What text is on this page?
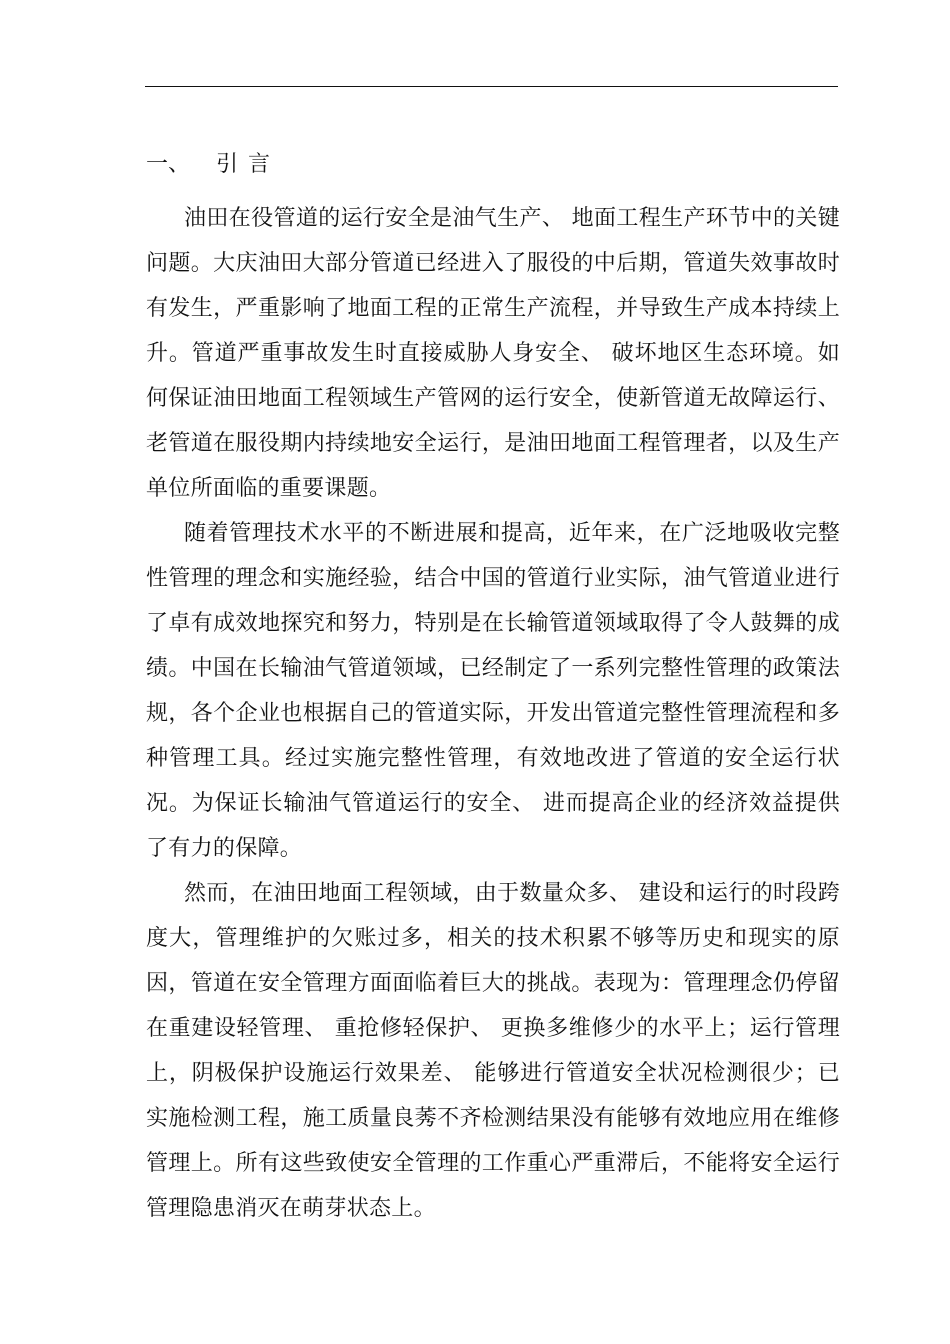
一、 引言

油田在役管道的运行安全是油气生产、 地面工程生产环节中的关键问题。大庆油田大部分管道已经进入了服役的中后期，管道失效事故时有发生，严重影响了地面工程的正常生产流程，并导致生产成本持续上升。管道严重事故发生时直接威胁人身安全、 破坏地区生态环境。如何保证油田地面工程领域生产管网的运行安全，使新管道无故障运行、 老管道在服役期内持续地安全运行，是油田地面工程管理者，以及生产单位所面临的重要课题。

随着管理技术水平的不断进展和提高，近年来，在广泛地吸收完整性管理的理念和实施经验，结合中国的管道行业实际，油气管道业进行了卓有成效地探究和努力，特别是在长输管道领域取得了令人鼓舞的成绩。中国在长输油气管道领域，已经制定了一系列完整性管理的政策法规，各个企业也根据自己的管道实际，开发出管道完整性管理流程和多种管理工具。经过实施完整性管理，有效地改进了管道的安全运行状况。为保证长输油气管道运行的安全、 进而提高企业的经济效益提供了有力的保障。

然而，在油田地面工程领域，由于数量众多、 建设和运行的时段跨度大，管理维护的欠账过多，相关的技术积累不够等历史和现实的原因，管道在安全管理方面面临着巨大的挑战。表现为：管理理念仍停留在重建设轻管理、 重抢修轻保护、 更换多维修少的水平上；运行管理上，阴极保护设施运行效果差、 能够进行管道安全状况检测很少；已实施检测工程，施工质量良莠不齐检测结果没有能够有效地应用在维修管理上。所有这些致使安全管理的工作重心严重滞后，不能将安全运行管理隐患消灭在萌芽状态上。
